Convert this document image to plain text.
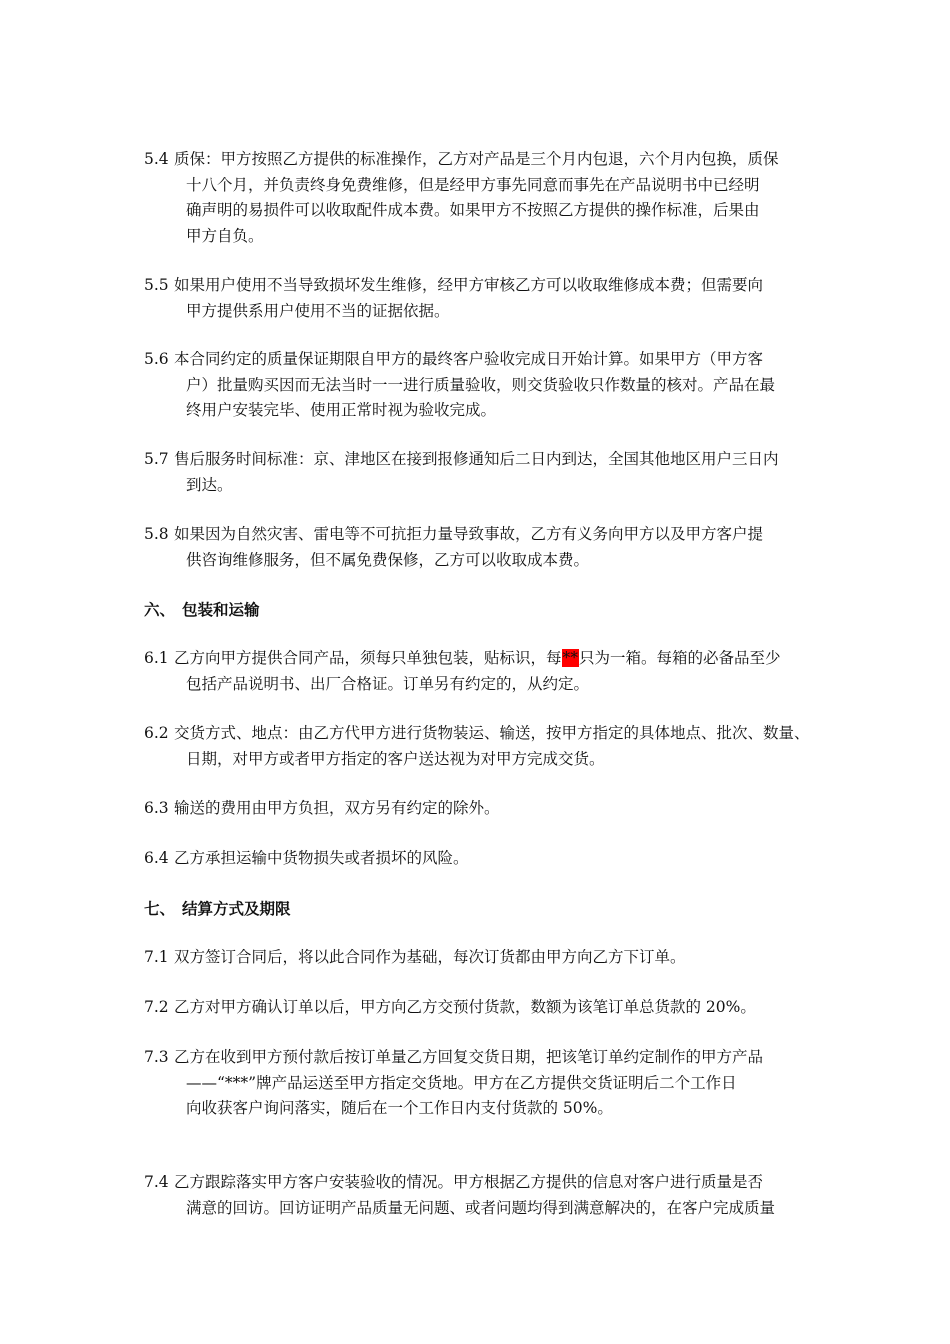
5.4 质保：甲方按照乙方提供的标准操作，乙方对产品是三个月内包退，六个月内包换，质保
十八个月，并负责终身免费维修，但是经甲方事先同意而事先在产品说明书中已经明
确声明的易损件可以收取配件成本费。如果甲方不按照乙方提供的操作标准，后果由
甲方自负。
5.5 如果用户使用不当导致损坏发生维修，经甲方审核乙方可以收取维修成本费；但需要向
甲方提供系用户使用不当的证据依据。
5.6 本合同约定的质量保证期限自甲方的最终客户验收完成日开始计算。如果甲方（甲方客
户）批量购买因而无法当时一一进行质量验收，则交货验收只作数量的核对。产品在最
终用户安装完毕、使用正常时视为验收完成。
5.7 售后服务时间标准：京、津地区在接到报修通知后二日内到达，全国其他地区用户三日内
到达。
5.8 如果因为自然灾害、雷电等不可抗拒力量导致事故，乙方有义务向甲方以及甲方客户提
供咨询维修服务，但不属免费保修，乙方可以收取成本费。
六、 包装和运输
6.1 乙方向甲方提供合同产品，须每只单独包装，贴标识，每**只为一箱。每箱的必备品至少
包括产品说明书、出厂合格证。订单另有约定的，从约定。
6.2 交货方式、地点：由乙方代甲方进行货物装运、输送，按甲方指定的具体地点、批次、数量、
日期，对甲方或者甲方指定的客户送达视为对甲方完成交货。
6.3 输送的费用由甲方负担，双方另有约定的除外。
6.4 乙方承担运输中货物损失或者损坏的风险。
七、 结算方式及期限
7.1 双方签订合同后，将以此合同作为基础，每次订货都由甲方向乙方下订单。
7.2 乙方对甲方确认订单以后，甲方向乙方交预付货款，数额为该笔订单总货款的 20%。
7.3 乙方在收到甲方预付款后按订单量乙方回复交货日期，把该笔订单约定制作的甲方产品
——“***”牌产品运送至甲方指定交货地。甲方在乙方提供交货证明后二个工作日
向收获客户询问落实，随后在一个工作日内支付货款的 50%。
7.4 乙方跟踪落实甲方客户安装验收的情况。甲方根据乙方提供的信息对客户进行质量是否
满意的回访。回访证明产品质量无问题、或者问题均得到满意解决的，在客户完成质量
